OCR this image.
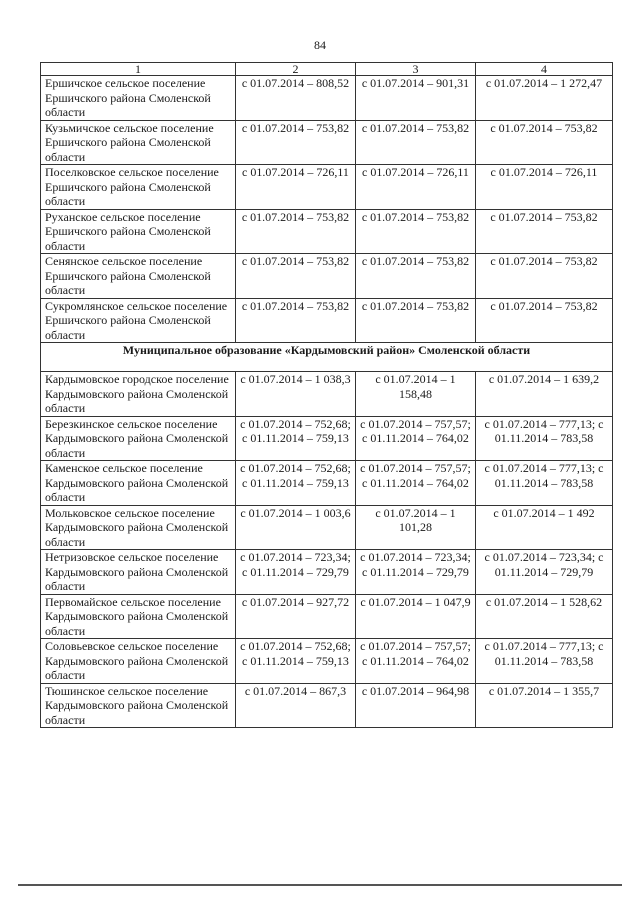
84
1	2	3	4
Ершичское сельское поселение Ершичского района Смоленской области	с 01.07.2014 – 808,52	с 01.07.2014 – 901,31	с 01.07.2014 – 1 272,47
Кузьмичское сельское поселение Ершичского района Смоленской области	с 01.07.2014 – 753,82	с 01.07.2014 – 753,82	с 01.07.2014 – 753,82
Поселковское сельское поселение Ершичского района Смоленской области	с 01.07.2014 – 726,11	с 01.07.2014 – 726,11	с 01.07.2014 – 726,11
Руханское сельское поселение Ершичского района Смоленской области	с 01.07.2014 – 753,82	с 01.07.2014 – 753,82	с 01.07.2014 – 753,82
Сенянское сельское поселение Ершичского района Смоленской области	с 01.07.2014 – 753,82	с 01.07.2014 – 753,82	с 01.07.2014 – 753,82
Сукромлянское сельское поселение Ершичского района Смоленской области	с 01.07.2014 – 753,82	с 01.07.2014 – 753,82	с 01.07.2014 – 753,82
Муниципальное образование «Кардымовский район» Смоленской области			
Кардымовское городское поселение Кардымовского района Смоленской области	с 01.07.2014 – 1 038,3	с 01.07.2014 – 1 158,48	с 01.07.2014 – 1 639,2
Березкинское сельское поселение Кардымовского района Смоленской области	с 01.07.2014 – 752,68; с 01.11.2014 – 759,13	с 01.07.2014 – 757,57; с 01.11.2014 – 764,02	с 01.07.2014 – 777,13; с 01.11.2014 – 783,58
Каменское сельское поселение Кардымовского района Смоленской области	с 01.07.2014 – 752,68; с 01.11.2014 – 759,13	с 01.07.2014 – 757,57; с 01.11.2014 – 764,02	с 01.07.2014 – 777,13; с 01.11.2014 – 783,58
Мольковское сельское поселение Кардымовского района Смоленской области	с 01.07.2014 – 1 003,6	с 01.07.2014 – 1 101,28	с 01.07.2014 – 1 492
Нетризовское сельское поселение Кардымовского района Смоленской области	с 01.07.2014 – 723,34; с 01.11.2014 – 729,79	с 01.07.2014 – 723,34; с 01.11.2014 – 729,79	с 01.07.2014 – 723,34; с 01.11.2014 – 729,79
Первомайское сельское поселение Кардымовского района Смоленской области	с 01.07.2014 – 927,72	с 01.07.2014 – 1 047,9	с 01.07.2014 – 1 528,62
Соловьевское сельское поселение Кардымовского района Смоленской области	с 01.07.2014 – 752,68; с 01.11.2014 – 759,13	с 01.07.2014 – 757,57; с 01.11.2014 – 764,02	с 01.07.2014 – 777,13; с 01.11.2014 – 783,58
Тюшинское сельское поселение Кардымовского района Смоленской области	с 01.07.2014 – 867,3	с 01.07.2014 – 964,98	с 01.07.2014 – 1 355,7
